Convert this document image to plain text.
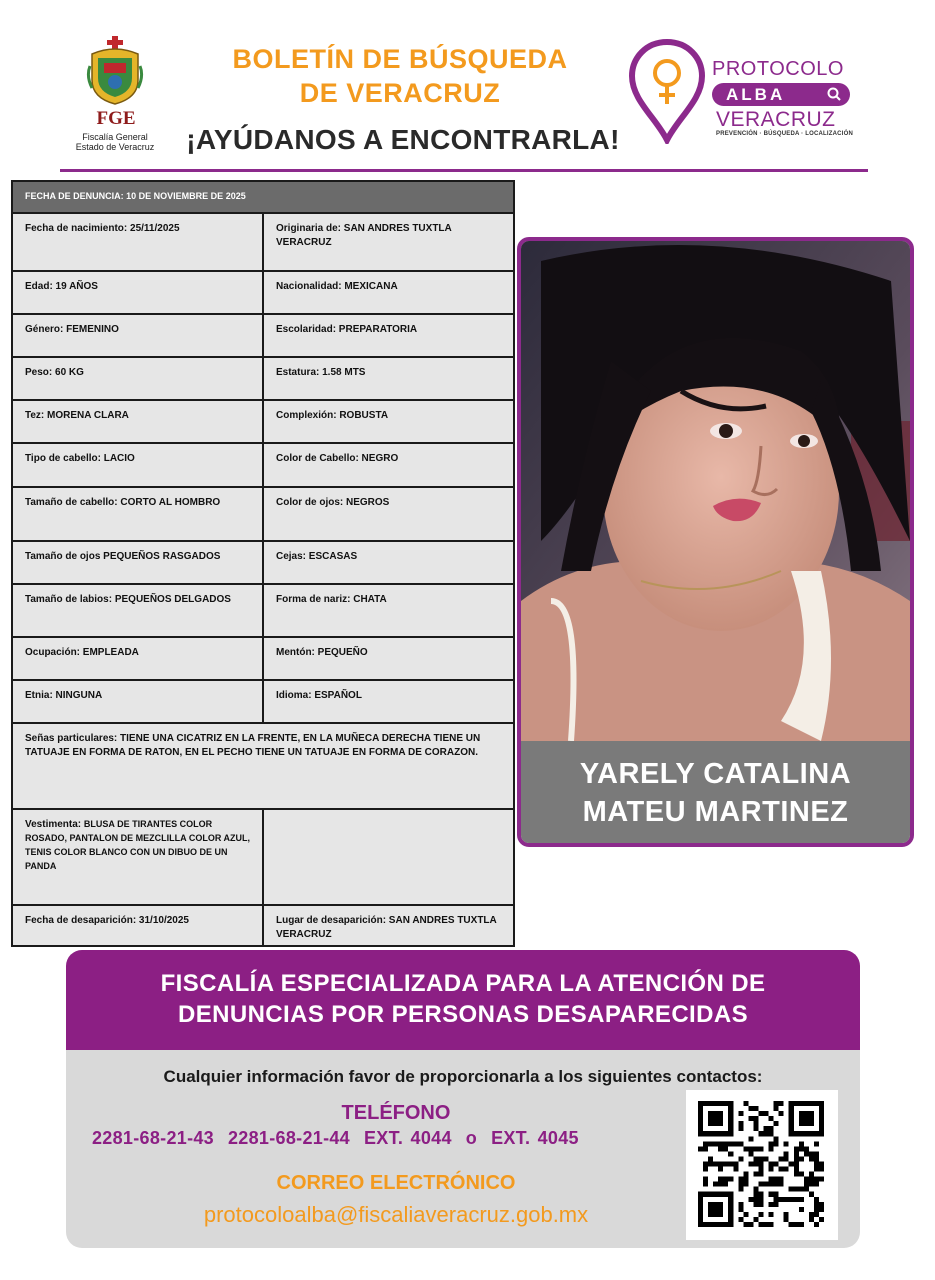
FGE
Fiscalía General
Estado de Veracruz
BOLETÍN DE BÚSQUEDA
DE VERACRUZ
¡AYÚDANOS A ENCONTRARLA!
PROTOCOLO
ALBA
VERACRUZ
PREVENCIÓN · BÚSQUEDA · LOCALIZACIÓN
FECHA DE DENUNCIA: 10 DE NOVIEMBRE DE 2025
Fecha de nacimiento: 25/11/2025	Originaria de: SAN ANDRES TUXTLA VERACRUZ
Edad: 19 AÑOS	Nacionalidad: MEXICANA
Género: FEMENINO	Escolaridad: PREPARATORIA
Peso: 60 KG	Estatura: 1.58 MTS
Tez: MORENA CLARA	Complexión: ROBUSTA
Tipo de cabello: LACIO	Color de Cabello: NEGRO
Tamaño de cabello: CORTO AL HOMBRO	Color de ojos: NEGROS
Tamaño de ojos PEQUEÑOS RASGADOS	Cejas: ESCASAS
Tamaño de labios: PEQUEÑOS DELGADOS	Forma de nariz: CHATA
Ocupación: EMPLEADA	Mentón: PEQUEÑO
Etnia: NINGUNA	Idioma: ESPAÑOL
Señas particulares: TIENE UNA CICATRIZ EN LA FRENTE, EN LA MUÑECA DERECHA TIENE UN TATUAJE EN FORMA DE RATON, EN EL PECHO TIENE UN TATUAJE EN FORMA DE CORAZON.
Vestimenta: BLUSA DE TIRANTES COLOR ROSADO, PANTALON DE MEZCLILLA COLOR AZUL, TENIS COLOR BLANCO CON UN DIBUO DE UN PANDA
Fecha de desaparición: 31/10/2025	Lugar de desaparición: SAN ANDRES TUXTLA VERACRUZ
YARELY CATALINA
MATEU MARTINEZ
FISCALÍA ESPECIALIZADA PARA LA ATENCIÓN DE
DENUNCIAS POR PERSONAS DESAPARECIDAS
Cualquier información favor de proporcionarla a los siguientes contactos:
TELÉFONO
2281-68-21-43 2281-68-21-44 EXT. 4044 o EXT. 4045
CORREO ELECTRÓNICO
protocoloalba@fiscaliaveracruz.gob.mx
